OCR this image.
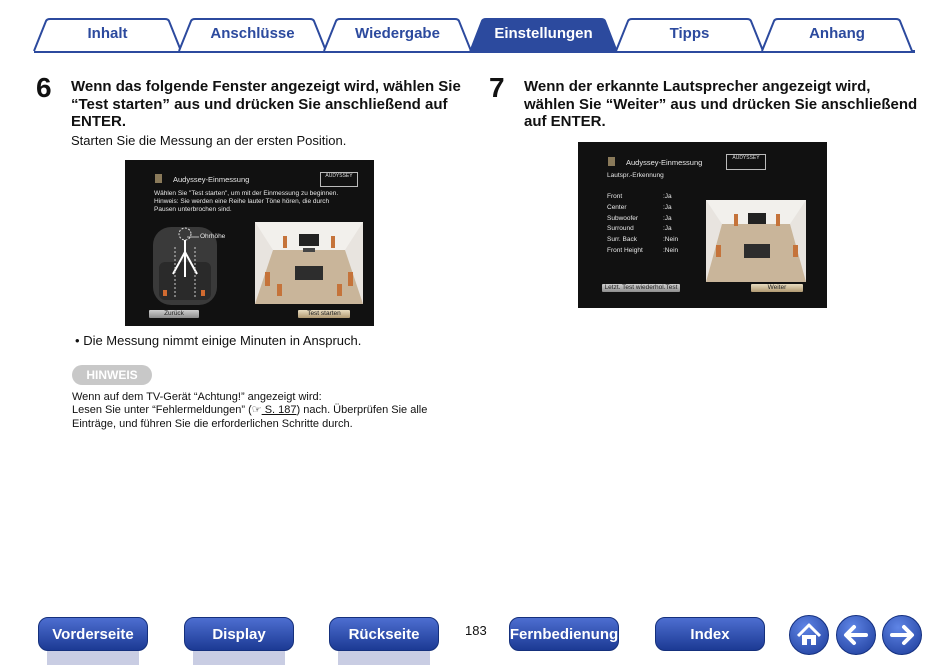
Inhalt	Anschlüsse	Wiedergabe	Einstellungen	Tipps	Anhang
6 Wenn das folgende Fenster angezeigt wird, wählen Sie
“Test starten” aus und drücken Sie anschließend auf
ENTER.
Starten Sie die Messung an der ersten Position.
Audyssey-Einmessung	AUDYSSEY
Wählen Sie "Test starten", um mit der Einmessung zu beginnen.
Hinweis: Sie werden eine Reihe lauter Töne hören, die durch
Pausen unterbrochen sind.
Ohrhöhe
Zurück	Test starten
• Die Messung nimmt einige Minuten in Anspruch.
HINWEIS
Wenn auf dem TV-Gerät “Achtung!” angezeigt wird:
Lesen Sie unter “Fehlermeldungen” (☞ S. 187) nach. Überprüfen Sie alle
Einträge, und führen Sie die erforderlichen Schritte durch.
7 Wenn der erkannte Lautsprecher angezeigt wird,
wählen Sie “Weiter” aus und drücken Sie anschließend
auf ENTER.
Audyssey-Einmessung	AUDYSSEY
Lautspr.-Erkennung
Front	:Ja
Center	:Ja
Subwoofer	:Ja
Surround	:Ja
Surr. Back	:Nein
Front Height	:Nein
Letzt. Test wiederhol.Test	Weiter
Vorderseite	Display	Rückseite	183 Fernbedienung	Index
